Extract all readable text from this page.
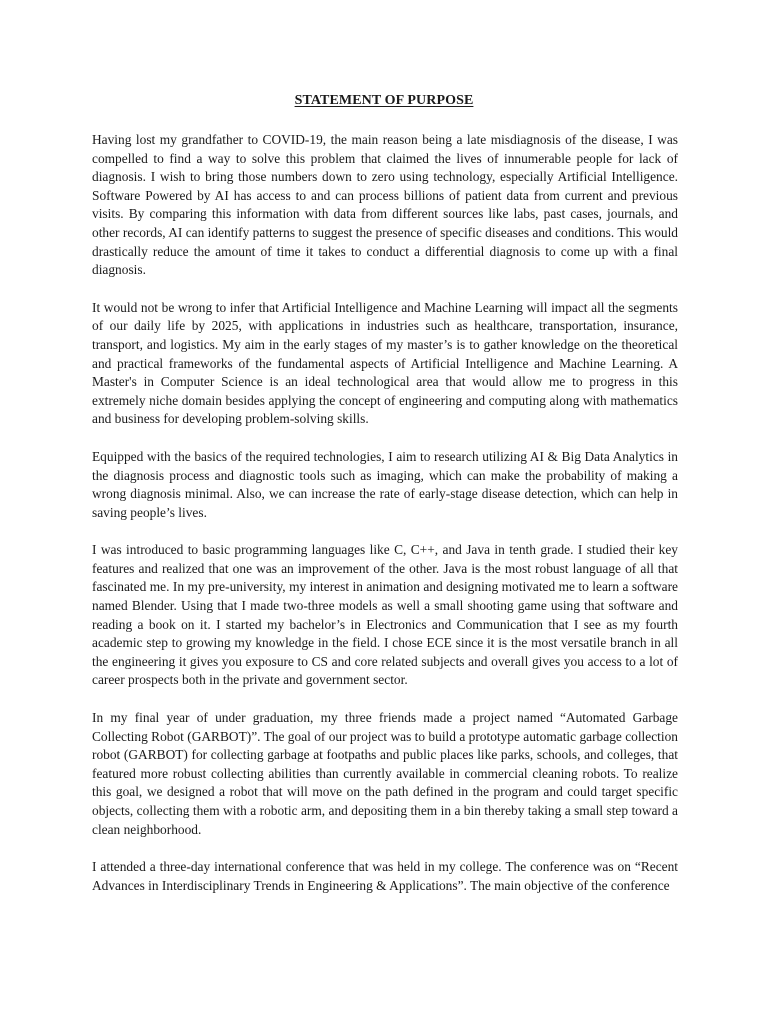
STATEMENT OF PURPOSE

Having lost my grandfather to COVID-19, the main reason being a late misdiagnosis of the disease, I was compelled to find a way to solve this problem that claimed the lives of innumerable people for lack of diagnosis. I wish to bring those numbers down to zero using technology, especially Artificial Intelligence. Software Powered by AI has access to and can process billions of patient data from current and previous visits. By comparing this information with data from different sources like labs, past cases, journals, and other records, AI can identify patterns to suggest the presence of specific diseases and conditions. This would drastically reduce the amount of time it takes to conduct a differential diagnosis to come up with a final diagnosis.

It would not be wrong to infer that Artificial Intelligence and Machine Learning will impact all the segments of our daily life by 2025, with applications in industries such as healthcare, transportation, insurance, transport, and logistics. My aim in the early stages of my master’s is to gather knowledge on the theoretical and practical frameworks of the fundamental aspects of Artificial Intelligence and Machine Learning. A Master's in Computer Science is an ideal technological area that would allow me to progress in this extremely niche domain besides applying the concept of engineering and computing along with mathematics and business for developing problem-solving skills.

Equipped with the basics of the required technologies, I aim to research utilizing AI & Big Data Analytics in the diagnosis process and diagnostic tools such as imaging, which can make the probability of making a wrong diagnosis minimal. Also, we can increase the rate of early-stage disease detection, which can help in saving people’s lives.

I was introduced to basic programming languages like C, C++, and Java in tenth grade. I studied their key features and realized that one was an improvement of the other. Java is the most robust language of all that fascinated me. In my pre-university, my interest in animation and designing motivated me to learn a software named Blender. Using that I made two-three models as well a small shooting game using that software and reading a book on it. I started my bachelor’s in Electronics and Communication that I see as my fourth academic step to growing my knowledge in the field. I chose ECE since it is the most versatile branch in all the engineering it gives you exposure to CS and core related subjects and overall gives you access to a lot of career prospects both in the private and government sector.

In my final year of under graduation, my three friends made a project named “Automated Garbage Collecting Robot (GARBOT)”. The goal of our project was to build a prototype automatic garbage collection robot (GARBOT) for collecting garbage at footpaths and public places like parks, schools, and colleges, that featured more robust collecting abilities than currently available in commercial cleaning robots. To realize this goal, we designed a robot that will move on the path defined in the program and could target specific objects, collecting them with a robotic arm, and depositing them in a bin thereby taking a small step toward a clean neighborhood.

I attended a three-day international conference that was held in my college. The conference was on “Recent Advances in Interdisciplinary Trends in Engineering & Applications”. The main objective of the conference
